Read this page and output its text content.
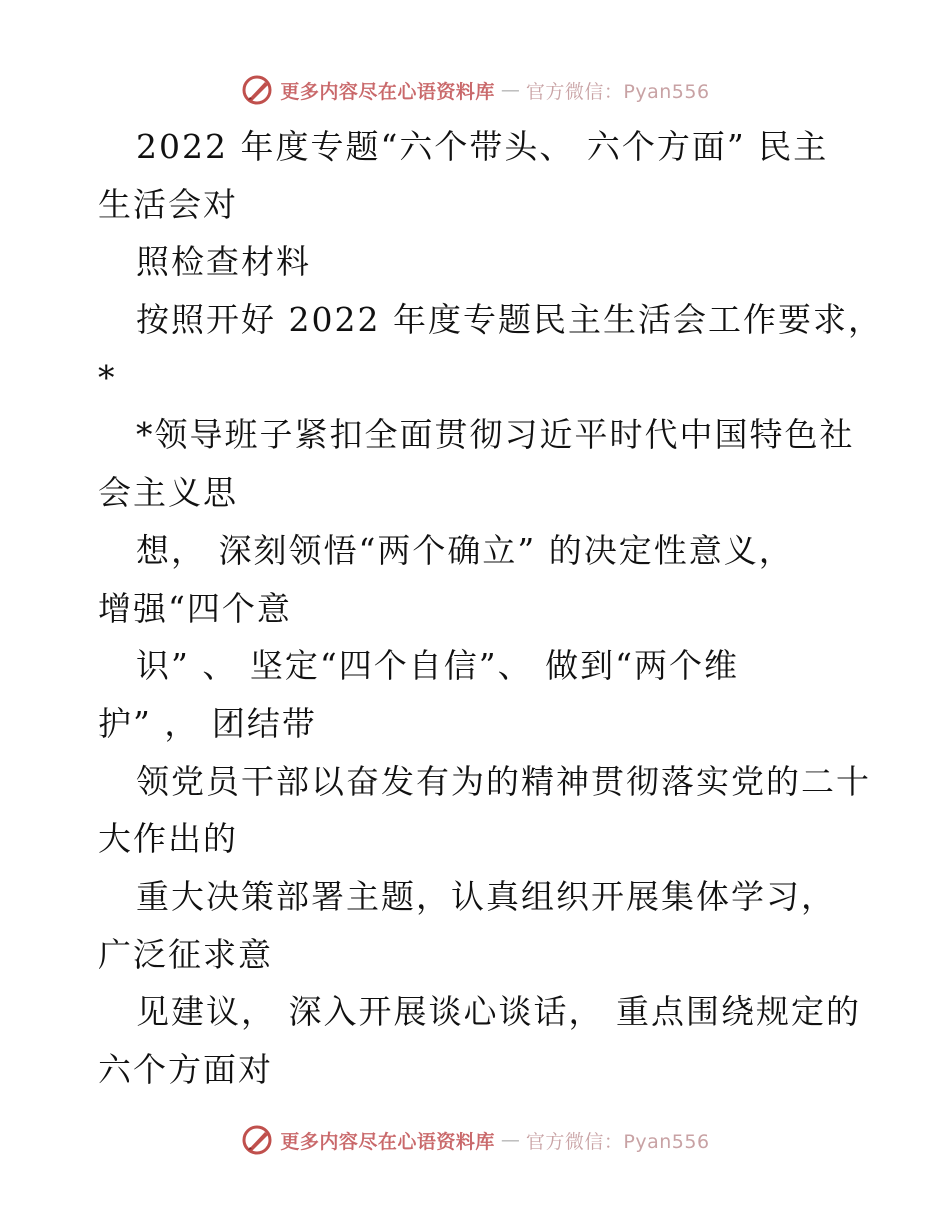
更多内容尽在心语资料库 — 官方微信：Pyan556
2022 年度专题“六个带头、 六个方面” 民主
生活会对
照检查材料
按照开好 2022 年度专题民主生活会工作要求，
*
*领导班子紧扣全面贯彻习近平时代中国特色社
会主义思
想， 深刻领悟“两个确立” 的决定性意义，
增强“四个意
识” 、 坚定“四个自信”、 做到“两个维
护” ， 团结带
领党员干部以奋发有为的精神贯彻落实党的二十
大作出的
重大决策部署主题，认真组织开展集体学习，
广泛征求意
见建议， 深入开展谈心谈话， 重点围绕规定的
六个方面对
更多内容尽在心语资料库 — 官方微信：Pyan556
